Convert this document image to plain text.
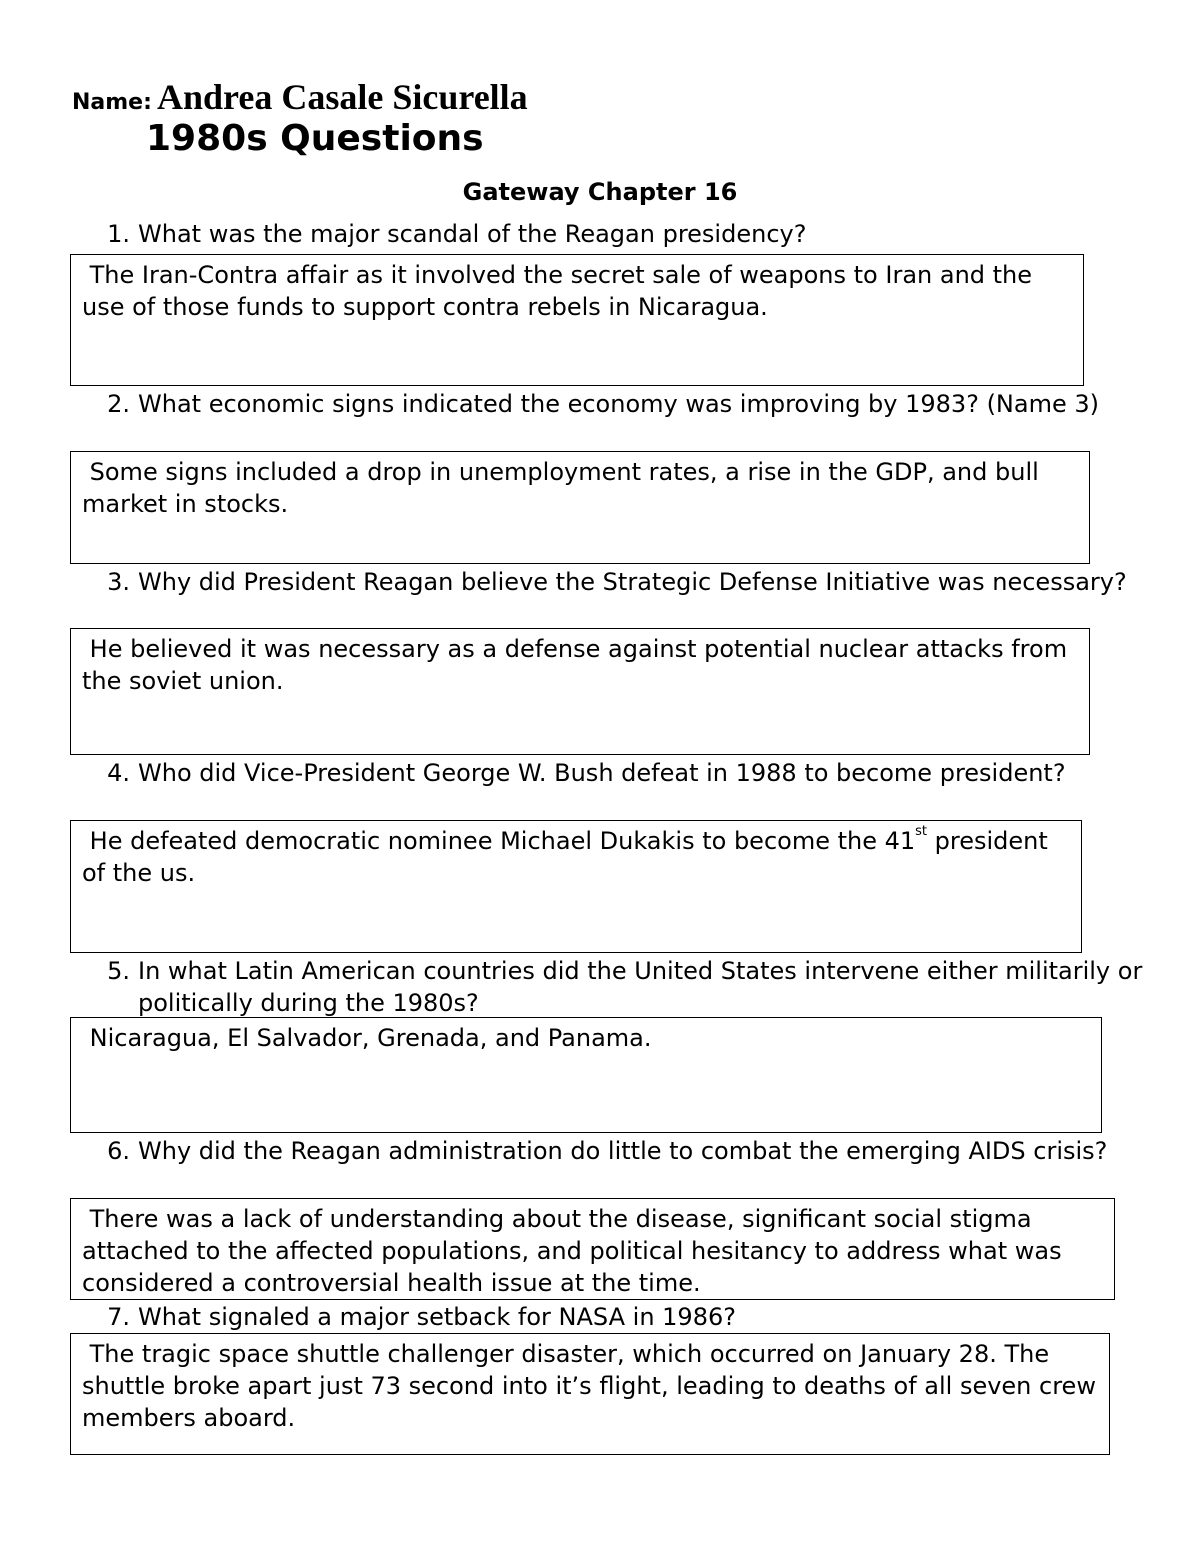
Name: Andrea Casale Sicurella
1980s Questions
Gateway Chapter 16
1. What was the major scandal of the Reagan presidency?
The Iran-Contra affair as it involved the secret sale of weapons to Iran and the use of those funds to support contra rebels in Nicaragua.
2. What economic signs indicated the economy was improving by 1983? (Name 3)
Some signs included a drop in unemployment rates, a rise in the GDP, and bull market in stocks.
3. Why did President Reagan believe the Strategic Defense Initiative was necessary?
He believed it was necessary as a defense against potential nuclear attacks from the soviet union.
4. Who did Vice-President George W. Bush defeat in 1988 to become president?
He defeated democratic nominee Michael Dukakis to become the 41st president of the us.
5. In what Latin American countries did the United States intervene either militarily or politically during the 1980s?
Nicaragua, El Salvador, Grenada, and Panama.
6. Why did the Reagan administration do little to combat the emerging AIDS crisis?
There was a lack of understanding about the disease, significant social stigma attached to the affected populations, and political hesitancy to address what was considered a controversial health issue at the time.
7. What signaled a major setback for NASA in 1986?
The tragic space shuttle challenger disaster, which occurred on January 28. The shuttle broke apart just 73 second into it’s flight, leading to deaths of all seven crew members aboard.
